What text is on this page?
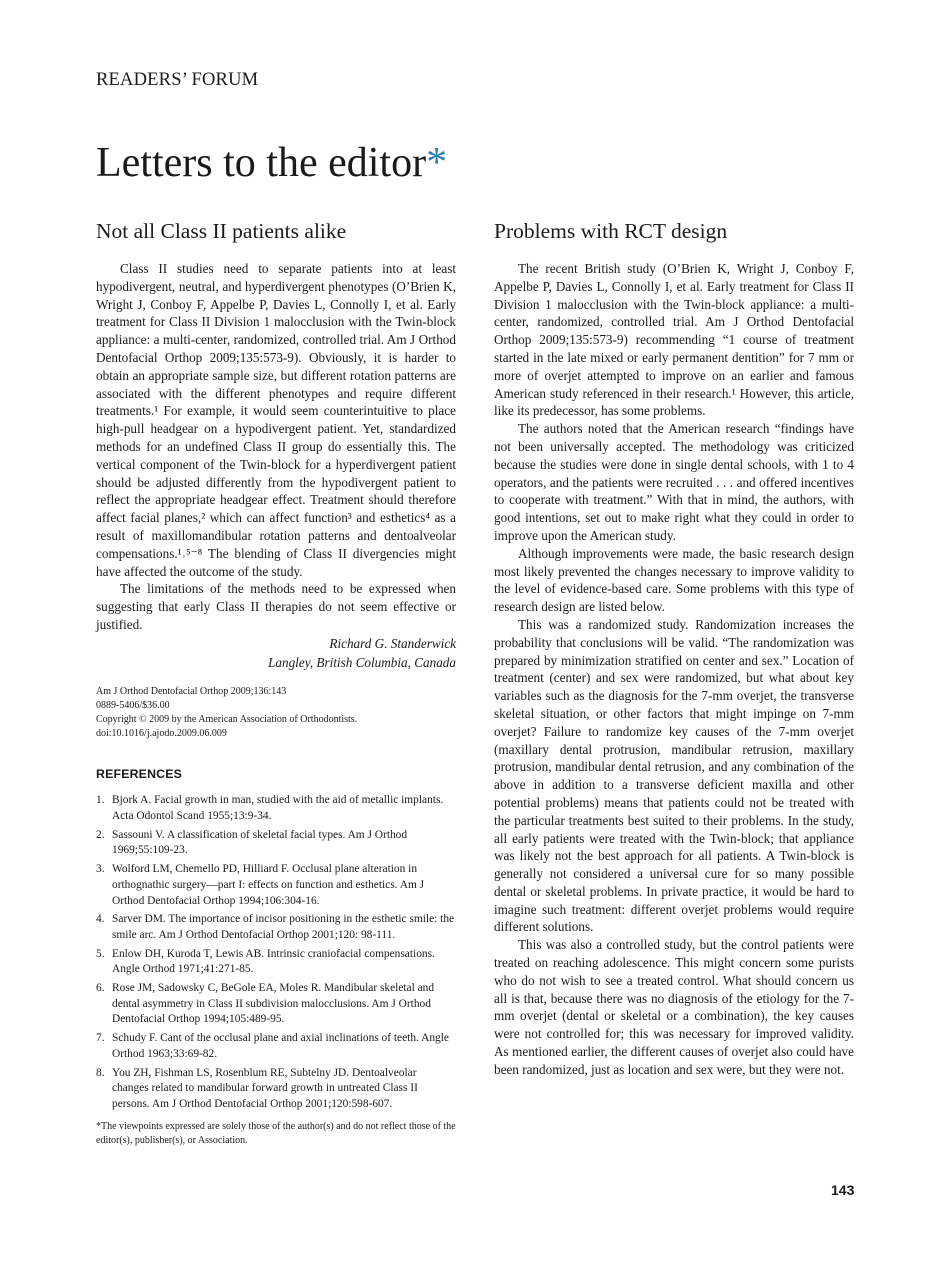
READERS’ FORUM
Letters to the editor*
Not all Class II patients alike

Class II studies need to separate patients into at least hypodivergent, neutral, and hyperdivergent phenotypes (O’Brien K, Wright J, Conboy F, Appelbe P, Davies L, Connolly I, et al. Early treatment for Class II Division 1 malocclusion with the Twin-block appliance: a multi-center, randomized, controlled trial. Am J Orthod Dentofacial Orthop 2009;135:573-9). Obviously, it is harder to obtain an appropriate sample size, but different rotation patterns are associated with the different phenotypes and require different treatments.¹ For example, it would seem counterintuitive to place high-pull headgear on a hypodivergent patient. Yet, standardized methods for an undefined Class II group do essentially this. The vertical component of the Twin-block for a hyperdivergent patient should be adjusted differently from the hypodivergent patient to reflect the appropriate headgear effect. Treatment should therefore affect facial planes,² which can affect function³ and esthetics⁴ as a result of maxillomandibular rotation patterns and dentoalveolar compensations.¹˒⁵⁻⁸ The blending of Class II divergencies might have affected the outcome of the study.

The limitations of the methods need to be expressed when suggesting that early Class II therapies do not seem effective or justified.

Richard G. Standerwick
Langley, British Columbia, Canada
Am J Orthod Dentofacial Orthop 2009;136:143
0889-5406/$36.00
Copyright © 2009 by the American Association of Orthodontists.
doi:10.1016/j.ajodo.2009.06.009
REFERENCES
1. Bjork A. Facial growth in man, studied with the aid of metallic implants. Acta Odontol Scand 1955;13:9-34.
2. Sassouni V. A classification of skeletal facial types. Am J Orthod 1969;55:109-23.
3. Wolford LM, Chemello PD, Hilliard F. Occlusal plane alteration in orthognathic surgery—part I: effects on function and esthetics. Am J Orthod Dentofacial Orthop 1994;106:304-16.
4. Sarver DM. The importance of incisor positioning in the esthetic smile: the smile arc. Am J Orthod Dentofacial Orthop 2001;120: 98-111.
5. Enlow DH, Kuroda T, Lewis AB. Intrinsic craniofacial compensations. Angle Orthod 1971;41:271-85.
6. Rose JM, Sadowsky C, BeGole EA, Moles R. Mandibular skeletal and dental asymmetry in Class II subdivision malocclusions. Am J Orthod Dentofacial Orthop 1994;105:489-95.
7. Schudy F. Cant of the occlusal plane and axial inclinations of teeth. Angle Orthod 1963;33:69-82.
8. You ZH, Fishman LS, Rosenblum RE, Subtelny JD. Dentoalveolar changes related to mandibular forward growth in untreated Class II persons. Am J Orthod Dentofacial Orthop 2001;120:598-607.
*The viewpoints expressed are solely those of the author(s) and do not reflect those of the editor(s), publisher(s), or Association.
Problems with RCT design

The recent British study (O’Brien K, Wright J, Conboy F, Appelbe P, Davies L, Connolly I, et al. Early treatment for Class II Division 1 malocclusion with the Twin-block appliance: a multi-center, randomized, controlled trial. Am J Orthod Dentofacial Orthop 2009;135:573-9) recommending “1 course of treatment started in the late mixed or early permanent dentition” for 7 mm or more of overjet attempted to improve on an earlier and famous American study referenced in their research.¹ However, this article, like its predecessor, has some problems.

The authors noted that the American research “findings have not been universally accepted. The methodology was criticized because the studies were done in single dental schools, with 1 to 4 operators, and the patients were recruited . . . and offered incentives to cooperate with treatment.” With that in mind, the authors, with good intentions, set out to make right what they could in order to improve upon the American study.

Although improvements were made, the basic research design most likely prevented the changes necessary to improve validity to the level of evidence-based care. Some problems with this type of research design are listed below.

This was a randomized study. Randomization increases the probability that conclusions will be valid. “The randomization was prepared by minimization stratified on center and sex.” Location of treatment (center) and sex were randomized, but what about key variables such as the diagnosis for the 7-mm overjet, the transverse skeletal situation, or other factors that might impinge on 7-mm overjet? Failure to randomize key causes of the 7-mm overjet (maxillary dental protrusion, mandibular retrusion, maxillary protrusion, mandibular dental retrusion, and any combination of the above in addition to a transverse deficient maxilla and other potential problems) means that patients could not be treated with the particular treatments best suited to their problems. In the study, all early patients were treated with the Twin-block; that appliance was likely not the best approach for all patients. A Twin-block is generally not considered a universal cure for so many possible dental or skeletal problems. In private practice, it would be hard to imagine such treatment: different overjet problems would require different solutions.

This was also a controlled study, but the control patients were treated on reaching adolescence. This might concern some purists who do not wish to see a treated control. What should concern us all is that, because there was no diagnosis of the etiology for the 7-mm overjet (dental or skeletal or a combination), the key causes were not controlled for; this was necessary for improved validity. As mentioned earlier, the different causes of overjet also could have been randomized, just as location and sex were, but they were not.

143
